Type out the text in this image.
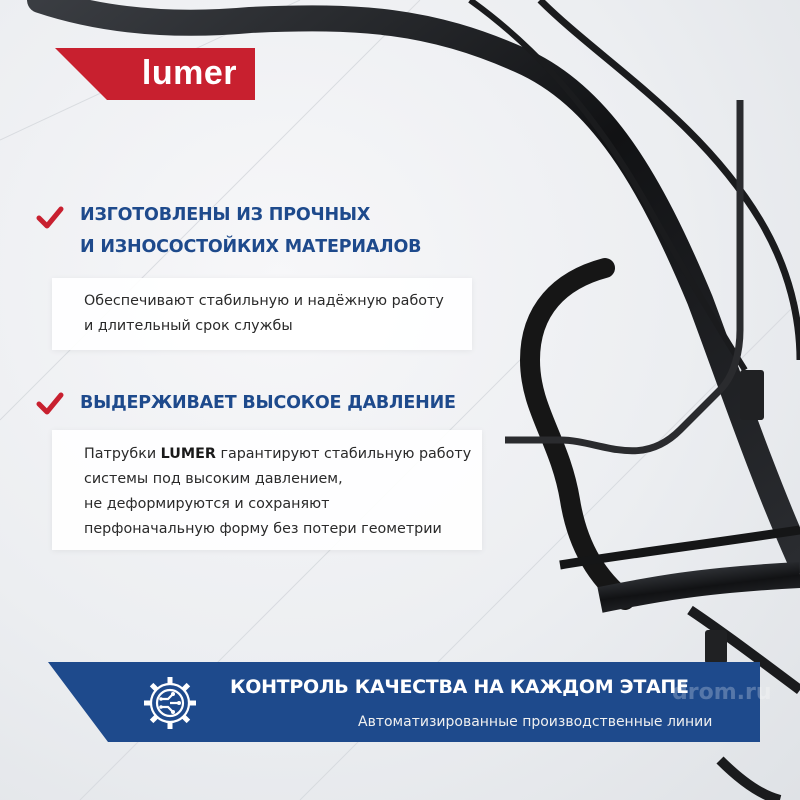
lumer
ИЗГОТОВЛЕНЫ ИЗ ПРОЧНЫХ
И ИЗНОСОСТОЙКИХ МАТЕРИАЛОВ

Обеспечивают стабильную и надёжную работу

и длительный срок службы

ВЫДЕРЖИВАЕТ ВЫСОКОЕ ДАВЛЕНИЕ

Патрубки LUMER гарантируют стабильную работу

системы под высоким давлением,

не деформируются и сохраняют

перфоначальную форму без потери геометрии

КОНТРОЛЬ КАЧЕСТВА НА КАЖДОМ ЭТАПЕ
Автоматизированные производственные линии
drom.ru
